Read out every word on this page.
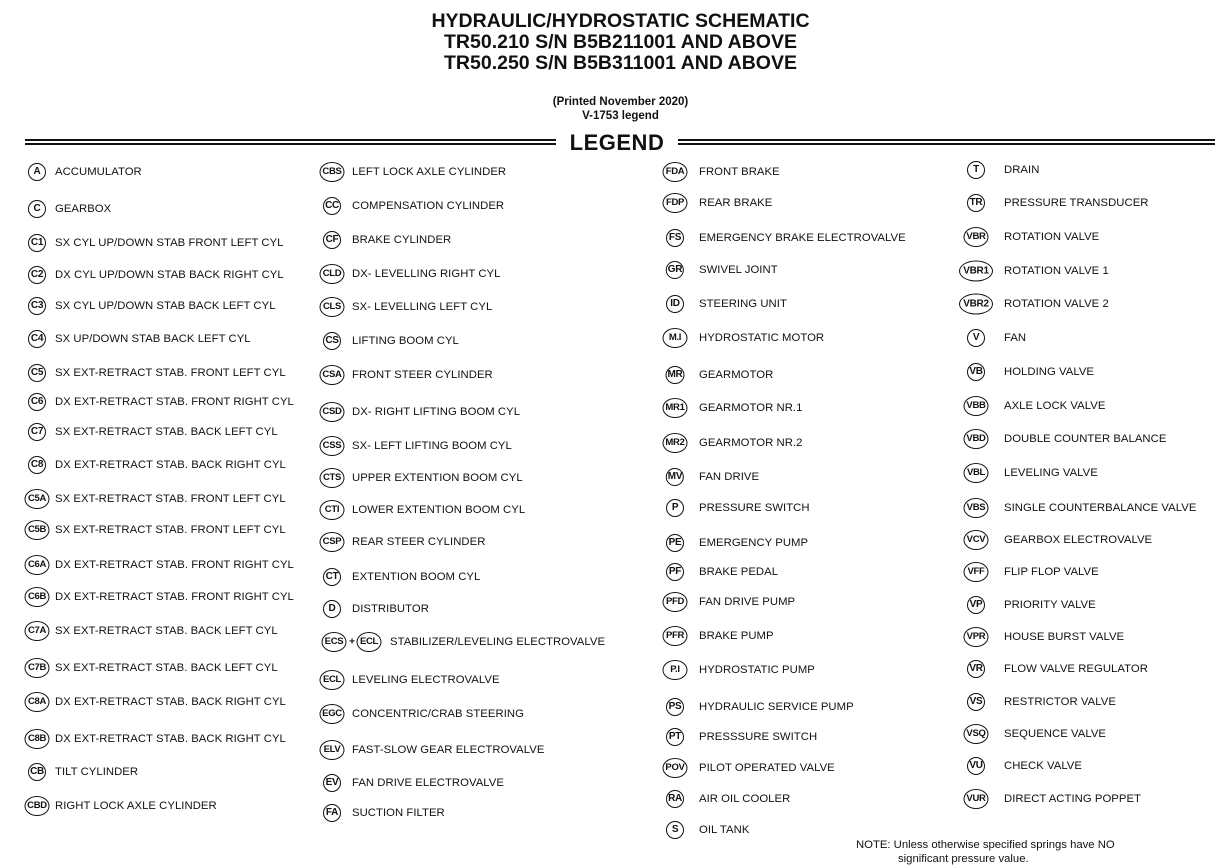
HYDRAULIC/HYDROSTATIC SCHEMATIC
TR50.210 S/N B5B211001 AND ABOVE
TR50.250 S/N B5B311001 AND ABOVE
(Printed November 2020)
V-1753 legend
LEGEND
A	ACCUMULATOR
C	GEARBOX
C1 SX CYL UP/DOWN STAB FRONT LEFT CYL
C2 DX CYL UP/DOWN STAB BACK RIGHT CYL
C3 SX CYL UP/DOWN STAB BACK LEFT CYL
C4 SX UP/DOWN STAB BACK LEFT CYL
C5 SX EXT-RETRACT STAB. FRONT LEFT CYL
C6 DX EXT-RETRACT STAB. FRONT RIGHT CYL
C7 SX EXT-RETRACT STAB. BACK LEFT CYL
C8 DX EXT-RETRACT STAB. BACK RIGHT CYL
C5A SX EXT-RETRACT STAB. FRONT LEFT CYL
C5B SX EXT-RETRACT STAB. FRONT LEFT CYL
C6A DX EXT-RETRACT STAB. FRONT RIGHT CYL
C6B DX EXT-RETRACT STAB. FRONT RIGHT CYL
C7A SX EXT-RETRACT STAB. BACK LEFT CYL
C7B SX EXT-RETRACT STAB. BACK LEFT CYL
C8A DX EXT-RETRACT STAB. BACK RIGHT CYL
C8B DX EXT-RETRACT STAB. BACK RIGHT CYL
CB TILT CYLINDER
CBD RIGHT LOCK AXLE CYLINDER
CBS LEFT LOCK AXLE CYLINDER
CC COMPENSATION CYLINDER
CF BRAKE CYLINDER
CLD DX- LEVELLING RIGHT CYL
CLS SX- LEVELLING LEFT CYL
CS LIFTING BOOM CYL
CSA FRONT STEER CYLINDER
CSD DX- RIGHT LIFTING BOOM CYL
CSS SX- LEFT LIFTING BOOM CYL
CTS UPPER EXTENTION BOOM CYL
CTI	LOWER EXTENTION BOOM CYL
CSP REAR STEER CYLINDER
CT EXTENTION BOOM CYL
D	DISTRIBUTOR
ECS + ECL	STABILIZER/LEVELING ELECTROVALVE
ECL LEVELING ELECTROVALVE
EGC CONCENTRIC/CRAB STEERING
ELV	FAST-SLOW GEAR ELECTROVALVE
EV FAN DRIVE ELECTROVALVE
FA SUCTION FILTER
FDA FRONT BRAKE
FDP	REAR BRAKE
FS EMERGENCY BRAKE ELECTROVALVE
GR SWIVEL JOINT
ID	STEERING UNIT
M.I	HYDROSTATIC MOTOR
MR GEARMOTOR
MR1 GEARMOTOR NR.1
MR2 GEARMOTOR NR.2
MV FAN DRIVE
P	PRESSURE SWITCH
PE EMERGENCY PUMP
PF BRAKE PEDAL
PFD	FAN DRIVE PUMP
PFR	BRAKE PUMP
P.I	HYDROSTATIC PUMP
PS HYDRAULIC SERVICE PUMP
PT PRESSSURE SWITCH
POV PILOT OPERATED VALVE
RA AIR OIL COOLER
S	OIL TANK
T	DRAIN
TR PRESSURE TRANSDUCER
VBR ROTATION VALVE
VBR1	ROTATION VALVE 1
VBR2	ROTATION VALVE 2
V	FAN
VB HOLDING VALVE
VBB AXLE LOCK VALVE
VBD DOUBLE COUNTER BALANCE
VBL	LEVELING VALVE
VBS SINGLE COUNTERBALANCE VALVE
VCV GEARBOX ELECTROVALVE
VFF	FLIP FLOP VALVE
VP PRIORITY VALVE
VPR HOUSE BURST VALVE
VR FLOW VALVE REGULATOR
VS RESTRICTOR VALVE
VSQ SEQUENCE VALVE
VU CHECK VALVE
VUR DIRECT ACTING POPPET
NOTE: Unless otherwise specified springs have NO
significant pressure value.
